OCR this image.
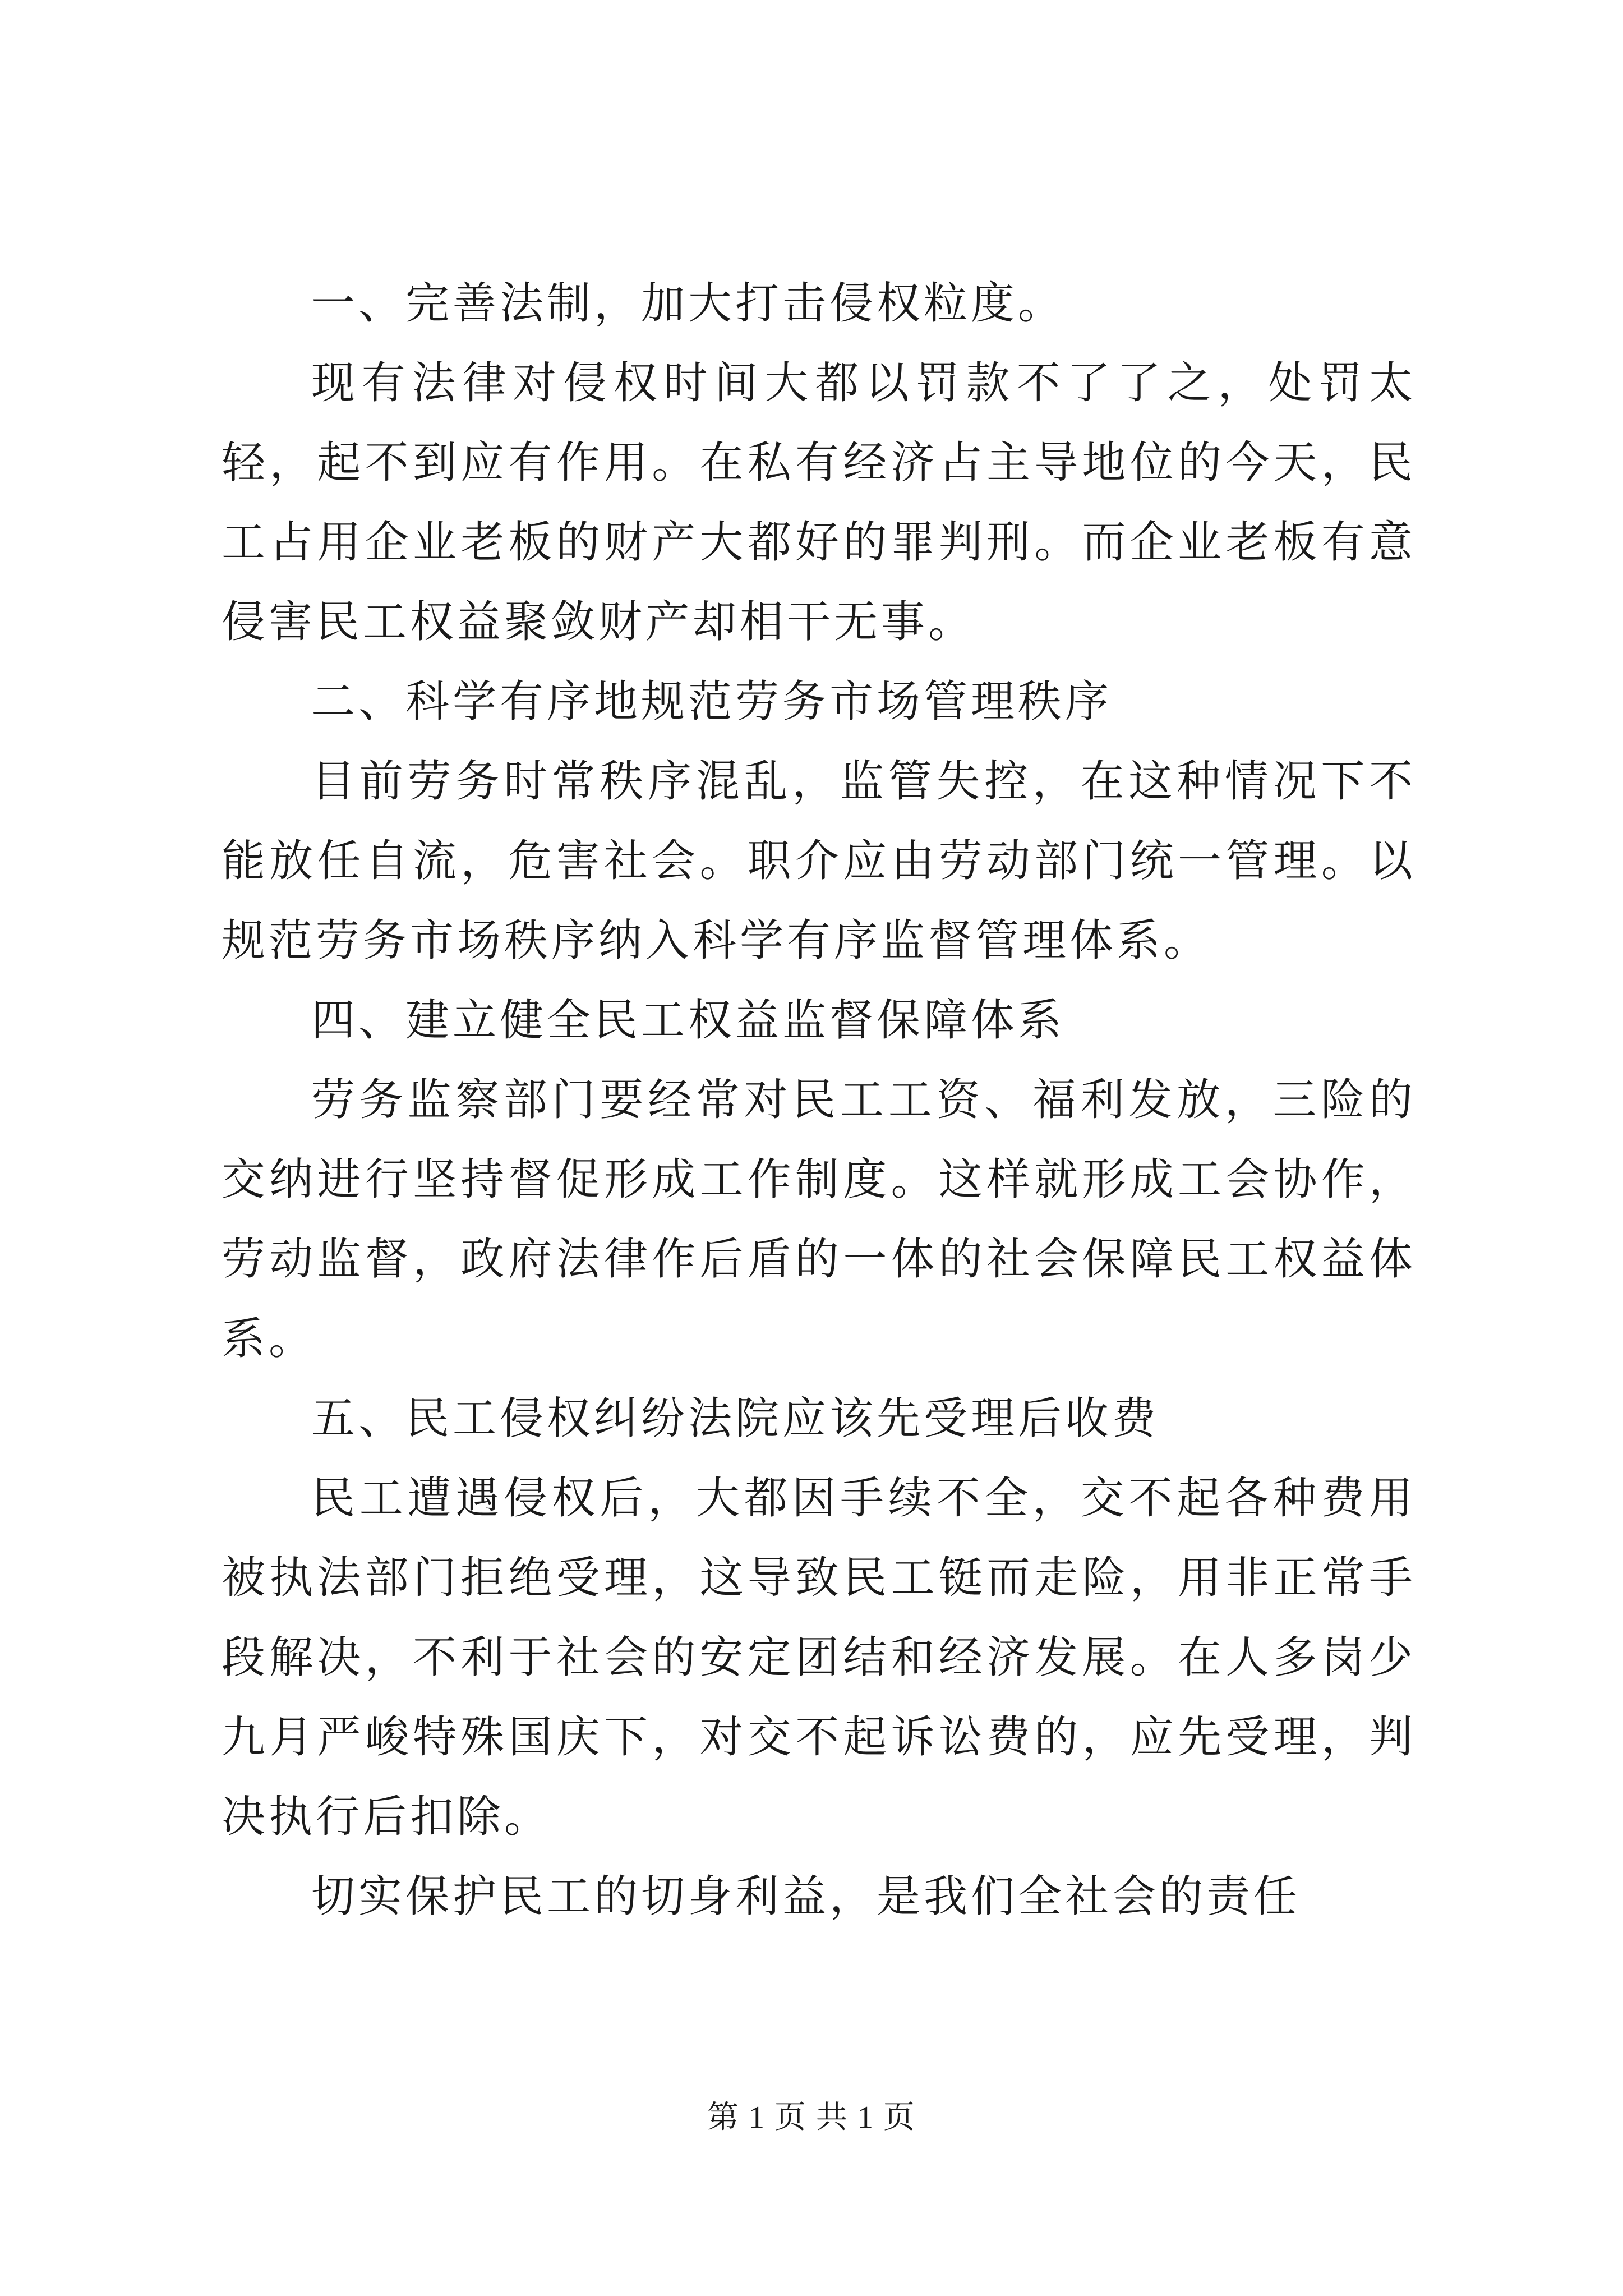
一、完善法制，加大打击侵权粒度。

现有法律对侵权时间大都以罚款不了了之，处罚太轻，起不到应有作用。在私有经济占主导地位的今天，民工占用企业老板的财产大都好的罪判刑。而企业老板有意侵害民工权益聚敛财产却相干无事。

二、科学有序地规范劳务市场管理秩序

目前劳务时常秩序混乱，监管失控，在这种情况下不能放任自流，危害社会。职介应由劳动部门统一管理。以规范劳务市场秩序纳入科学有序监督管理体系。

四、建立健全民工权益监督保障体系

劳务监察部门要经常对民工工资、福利发放，三险的交纳进行坚持督促形成工作制度。这样就形成工会协作，劳动监督，政府法律作后盾的一体的社会保障民工权益体系。

五、民工侵权纠纷法院应该先受理后收费

民工遭遇侵权后，大都因手续不全，交不起各种费用被执法部门拒绝受理，这导致民工铤而走险，用非正常手段解决，不利于社会的安定团结和经济发展。在人多岗少九月严峻特殊国庆下，对交不起诉讼费的，应先受理，判决执行后扣除。

切实保护民工的切身利益，是我们全社会的责任

第 1 页 共 1 页
